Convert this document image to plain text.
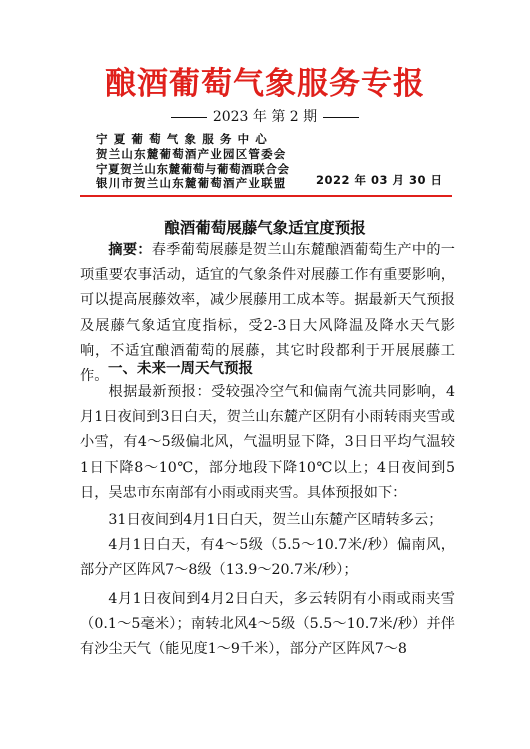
酿酒葡萄气象服务专报
2023 年 第 2 期
宁夏葡萄气象服务中心
贺兰山东麓葡萄酒产业园区管委会
宁夏贺兰山东麓葡萄与葡萄酒联合会
银川市贺兰山东麓葡萄酒产业联盟	2022 年 03 月 30 日
酿酒葡萄展藤气象适宜度预报

摘要：春季葡萄展藤是贺兰山东麓酿酒葡萄生产中的一项重要农事活动，适宜的气象条件对展藤工作有重要影响，可以提高展藤效率，减少展藤用工成本等。据最新天气预报及展藤气象适宜度指标，受2-3日大风降温及降水天气影响，不适宜酿酒葡萄的展藤，其它时段都利于开展展藤工作。 一、未来一周天气预报

根据最新预报：受较强冷空气和偏南气流共同影响，4月1日夜间到3日白天，贺兰山东麓产区阴有小雨转雨夹雪或小雪，有4～5级偏北风，气温明显下降，3日日平均气温较1日下降8～10℃，部分地段下降10℃以上；4日夜间到5日，吴忠市东南部有小雨或雨夹雪。具体预报如下：

31日夜间到4月1日白天，贺兰山东麓产区晴转多云；

4月1日白天，有4～5级（5.5～10.7米/秒）偏南风，部分产区阵风7～8级（13.9～20.7米/秒）；

4月1日夜间到4月2日白天，多云转阴有小雨或雨夹雪（0.1～5毫米）；南转北风4～5级（5.5～10.7米/秒）并伴有沙尘天气（能见度1～9千米），部分产区阵风7～8
